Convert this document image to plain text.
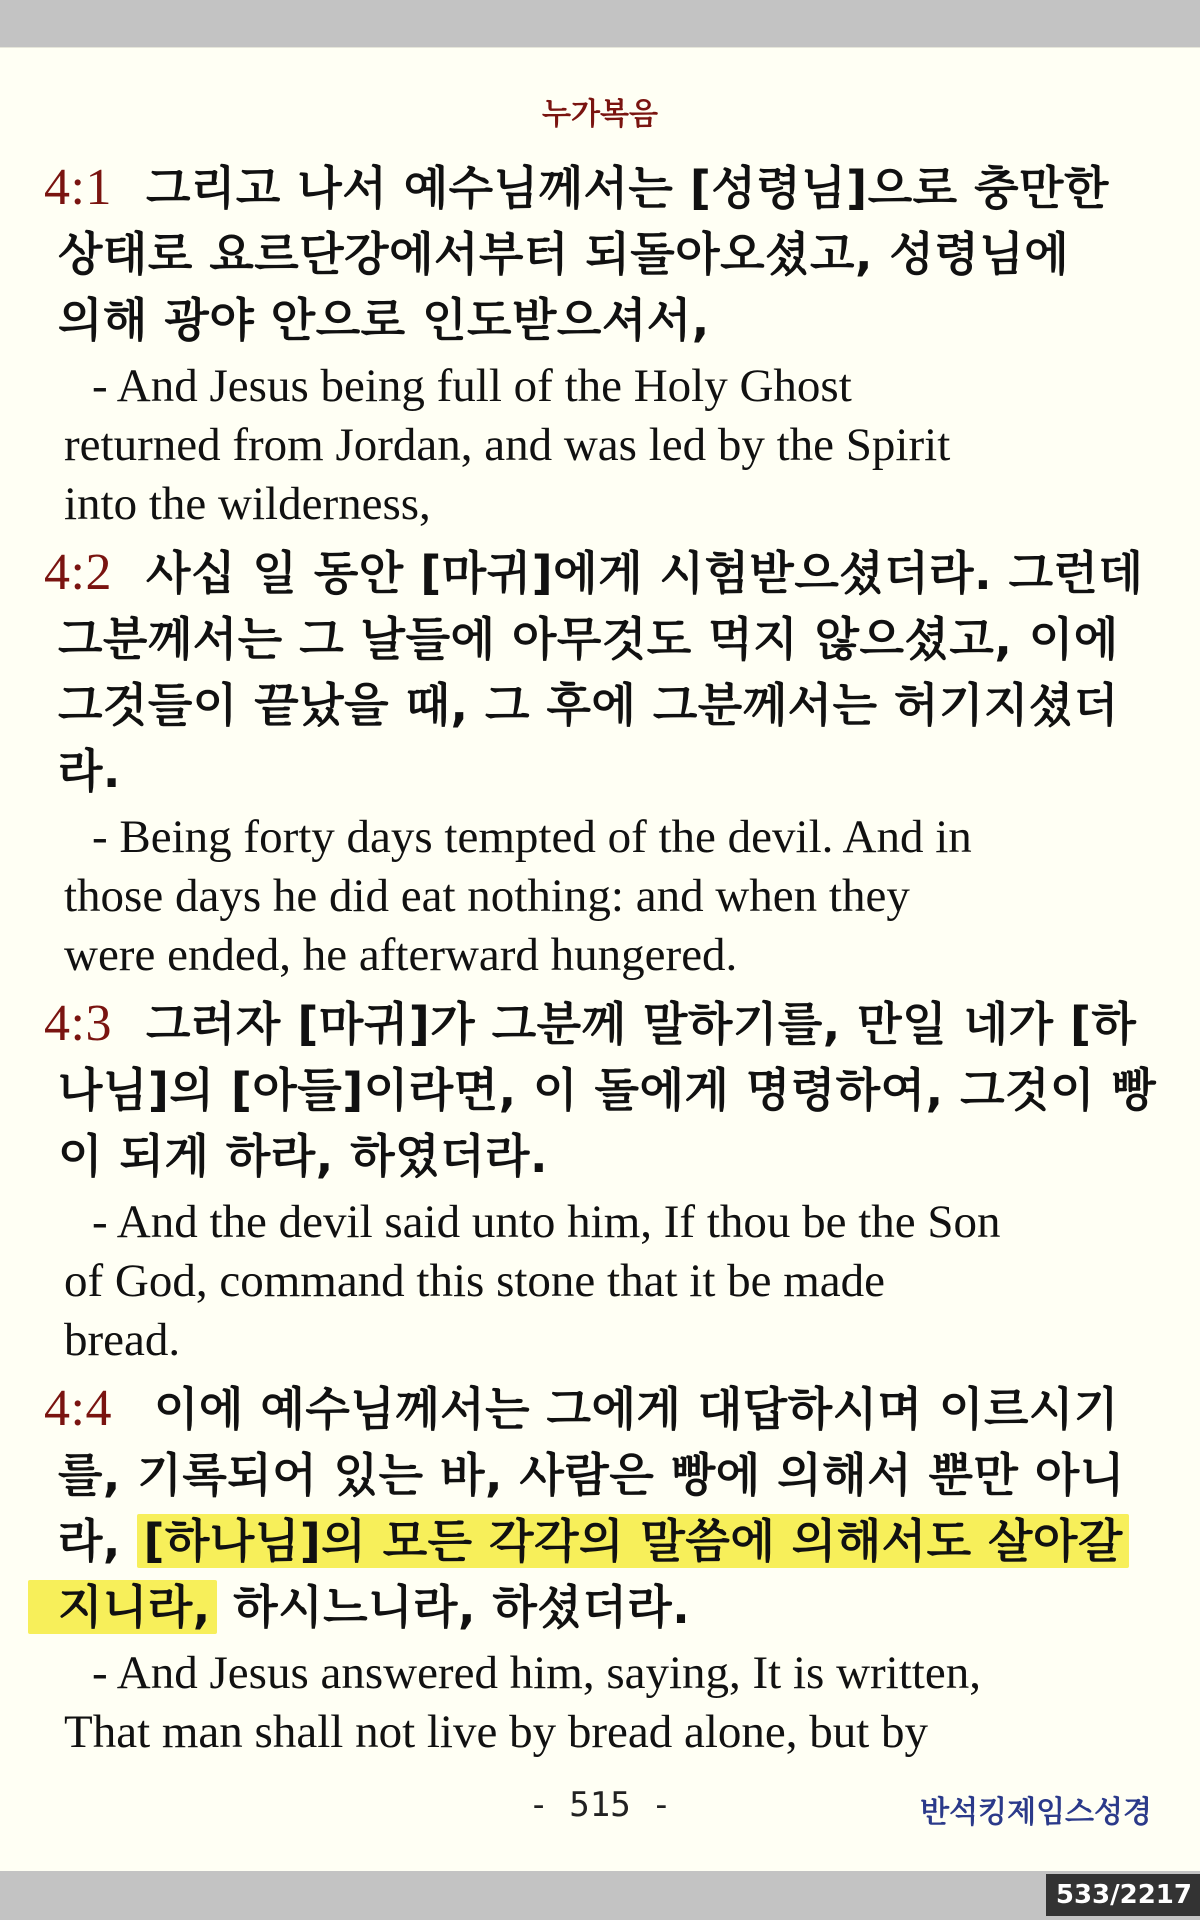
누가복음
4:1 그리고 나서 예수님께서는 [성령님]으로 충만한
상태로 요르단강에서부터 되돌아오셨고, 성령님에
의해 광야 안으로 인도받으셔서,
- And Jesus being full of the Holy Ghost
returned from Jordan, and was led by the Spirit
into the wilderness,
4:2 사십 일 동안 [마귀]에게 시험받으셨더라. 그런데
그분께서는 그 날들에 아무것도 먹지 않으셨고, 이에
그것들이 끝났을 때, 그 후에 그분께서는 허기지셨더
라.
- Being forty days tempted of the devil. And in
those days he did eat nothing: and when they
were ended, he afterward hungered.
4:3 그러자 [마귀]가 그분께 말하기를, 만일 네가 [하
나님]의 [아들]이라면, 이 돌에게 명령하여, 그것이 빵
이 되게 하라, 하였더라.
- And the devil said unto him, If thou be the Son
of God, command this stone that it be made
bread.
4:4 이에 예수님께서는 그에게 대답하시며 이르시기
를, 기록되어 있는 바, 사람은 빵에 의해서 뿐만 아니
라, [하나님]의 모든 각각의 말씀에 의해서도 살아갈
지니라, 하시느니라, 하셨더라.
- And Jesus answered him, saying, It is written,
That man shall not live by bread alone, but by
- 515 -	반석킹제임스성경
533/2217
